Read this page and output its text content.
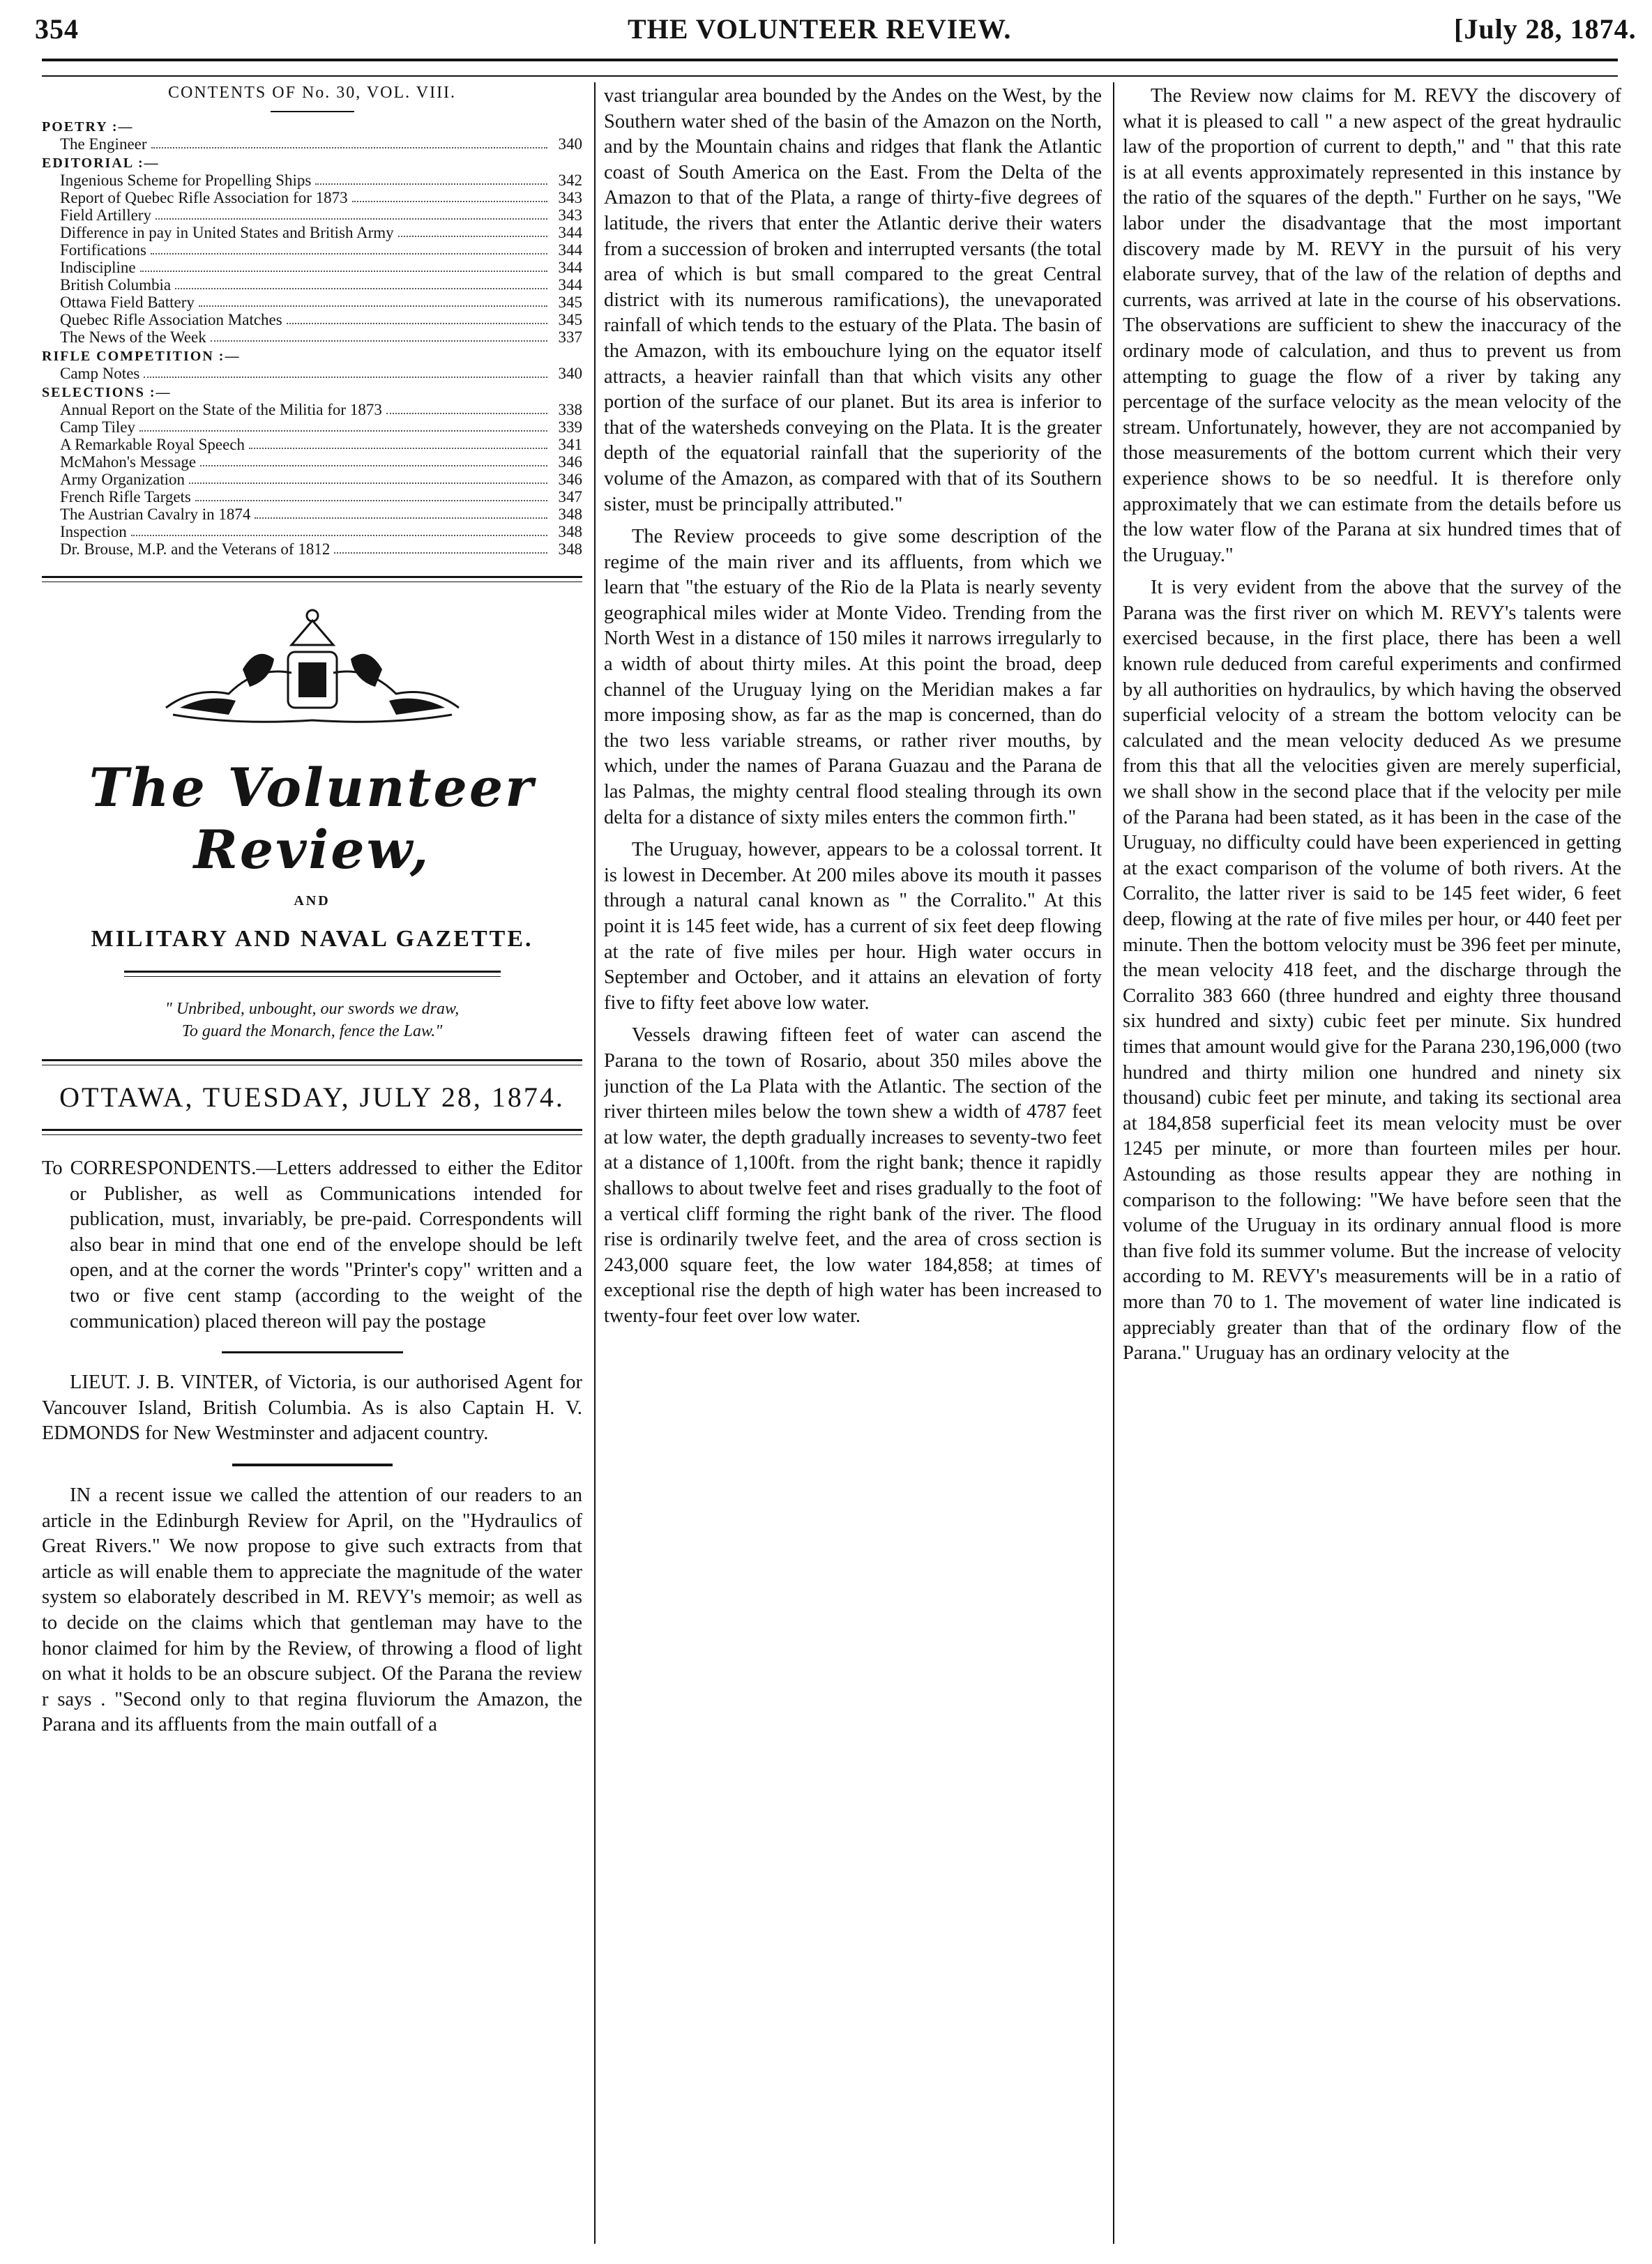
354	THE VOLUNTEER REVIEW.	[July 28, 1874.
CONTENTS OF No. 30, VOL. VIII.
POETRY :—
The Engineer	340
EDITORIAL :—
Ingenious Scheme for Propelling Ships	342
Report of Quebec Rifle Association for 1873	343
Field Artillery	343
Difference in pay in United States and British Army	344
Fortifications	344
Indiscipline	344
British Columbia	344
Ottawa Field Battery	345
Quebec Rifle Association Matches	345
The News of the Week	337
RIFLE COMPETITION :—
Camp Notes	340
SELECTIONS :—
Annual Report on the State of the Militia for 1873	338
Camp Tiley	339
A Remarkable Royal Speech	341
McMahon's Message	346
Army Organization	346
French Rifle Targets	347
The Austrian Cavalry in 1874	348
Inspection	348
Dr. Brouse, M.P. and the Veterans of 1812	348
The Volunteer Review,
AND
MILITARY AND NAVAL GAZETTE.
" Unbribed, unbought, our swords we draw,
To guard the Monarch, fence the Law."
OTTAWA, TUESDAY, JULY 28, 1874.

To CORRESPONDENTS.—Letters addressed to either the Editor or Publisher, as well as Communications intended for publication, must, invariably, be pre-paid. Correspondents will also bear in mind that one end of the envelope should be left open, and at the corner the words "Printer's copy" written and a two or five cent stamp (according to the weight of the communication) placed thereon will pay the postage

LIEUT. J. B. VINTER, of Victoria, is our authorised Agent for Vancouver Island, British Columbia. As is also Captain H. V. EDMONDS for New Westminster and adjacent country.

IN a recent issue we called the attention of our readers to an article in the Edinburgh Review for April, on the "Hydraulics of Great Rivers." We now propose to give such extracts from that article as will enable them to appreciate the magnitude of the water system so elaborately described in M. REVY's memoir; as well as to decide on the claims which that gentleman may have to the honor claimed for him by the Review, of throwing a flood of light on what it holds to be an obscure subject. Of the Parana the review r says . "Second only to that regina fluviorum the Amazon, the Parana and its affluents from the main outfall of a

vast triangular area bounded by the Andes on the West, by the Southern water shed of the basin of the Amazon on the North, and by the Mountain chains and ridges that flank the Atlantic coast of South America on the East. From the Delta of the Amazon to that of the Plata, a range of thirty-five degrees of latitude, the rivers that enter the Atlantic derive their waters from a succession of broken and interrupted versants (the total area of which is but small compared to the great Central district with its numerous ramifications), the unevaporated rainfall of which tends to the estuary of the Plata. The basin of the Amazon, with its embouchure lying on the equator itself attracts, a heavier rainfall than that which visits any other portion of the surface of our planet. But its area is inferior to that of the watersheds conveying on the Plata. It is the greater depth of the equatorial rainfall that the superiority of the volume of the Amazon, as compared with that of its Southern sister, must be principally attributed."

The Review proceeds to give some description of the regime of the main river and its affluents, from which we learn that "the estuary of the Rio de la Plata is nearly seventy geographical miles wider at Monte Video. Trending from the North West in a distance of 150 miles it narrows irregularly to a width of about thirty miles. At this point the broad, deep channel of the Uruguay lying on the Meridian makes a far more imposing show, as far as the map is concerned, than do the two less variable streams, or rather river mouths, by which, under the names of Parana Guazau and the Parana de las Palmas, the mighty central flood stealing through its own delta for a distance of sixty miles enters the common firth."

The Uruguay, however, appears to be a colossal torrent. It is lowest in December. At 200 miles above its mouth it passes through a natural canal known as " the Corralito." At this point it is 145 feet wide, has a current of six feet deep flowing at the rate of five miles per hour. High water occurs in September and October, and it attains an elevation of forty five to fifty feet above low water.

Vessels drawing fifteen feet of water can ascend the Parana to the town of Rosario, about 350 miles above the junction of the La Plata with the Atlantic. The section of the river thirteen miles below the town shew a width of 4787 feet at low water, the depth gradually increases to seventy-two feet at a distance of 1,100ft. from the right bank; thence it rapidly shallows to about twelve feet and rises gradually to the foot of a vertical cliff forming the right bank of the river. The flood rise is ordinarily twelve feet, and the area of cross section is 243,000 square feet, the low water 184,858; at times of exceptional rise the depth of high water has been increased to twenty-four feet over low water.

The Review now claims for M. REVY the discovery of what it is pleased to call " a new aspect of the great hydraulic law of the proportion of current to depth," and " that this rate is at all events approximately represented in this instance by the ratio of the squares of the depth." Further on he says, "We labor under the disadvantage that the most important discovery made by M. REVY in the pursuit of his very elaborate survey, that of the law of the relation of depths and currents, was arrived at late in the course of his observations. The observations are sufficient to shew the inaccuracy of the ordinary mode of calculation, and thus to prevent us from attempting to guage the flow of a river by taking any percentage of the surface velocity as the mean velocity of the stream. Unfortunately, however, they are not accompanied by those measurements of the bottom current which their very experience shows to be so needful. It is therefore only approximately that we can estimate from the details before us the low water flow of the Parana at six hundred times that of the Uruguay."

It is very evident from the above that the survey of the Parana was the first river on which M. REVY's talents were exercised because, in the first place, there has been a well known rule deduced from careful experiments and confirmed by all authorities on hydraulics, by which having the observed superficial velocity of a stream the bottom velocity can be calculated and the mean velocity deduced As we presume from this that all the velocities given are merely superficial, we shall show in the second place that if the velocity per mile of the Parana had been stated, as it has been in the case of the Uruguay, no difficulty could have been experienced in getting at the exact comparison of the volume of both rivers. At the Corralito, the latter river is said to be 145 feet wider, 6 feet deep, flowing at the rate of five miles per hour, or 440 feet per minute. Then the bottom velocity must be 396 feet per minute, the mean velocity 418 feet, and the discharge through the Corralito 383 660 (three hundred and eighty three thousand six hundred and sixty) cubic feet per minute. Six hundred times that amount would give for the Parana 230,196,000 (two hundred and thirty milion one hundred and ninety six thousand) cubic feet per minute, and taking its sectional area at 184,858 superficial feet its mean velocity must be over 1245 per minute, or more than fourteen miles per hour. Astounding as those results appear they are nothing in comparison to the following: "We have before seen that the volume of the Uruguay in its ordinary annual flood is more than five fold its summer volume. But the increase of velocity according to M. REVY's measurements will be in a ratio of more than 70 to 1. The movement of water line indicated is appreciably greater than that of the ordinary flow of the Parana." Uruguay has an ordinary velocity at the
